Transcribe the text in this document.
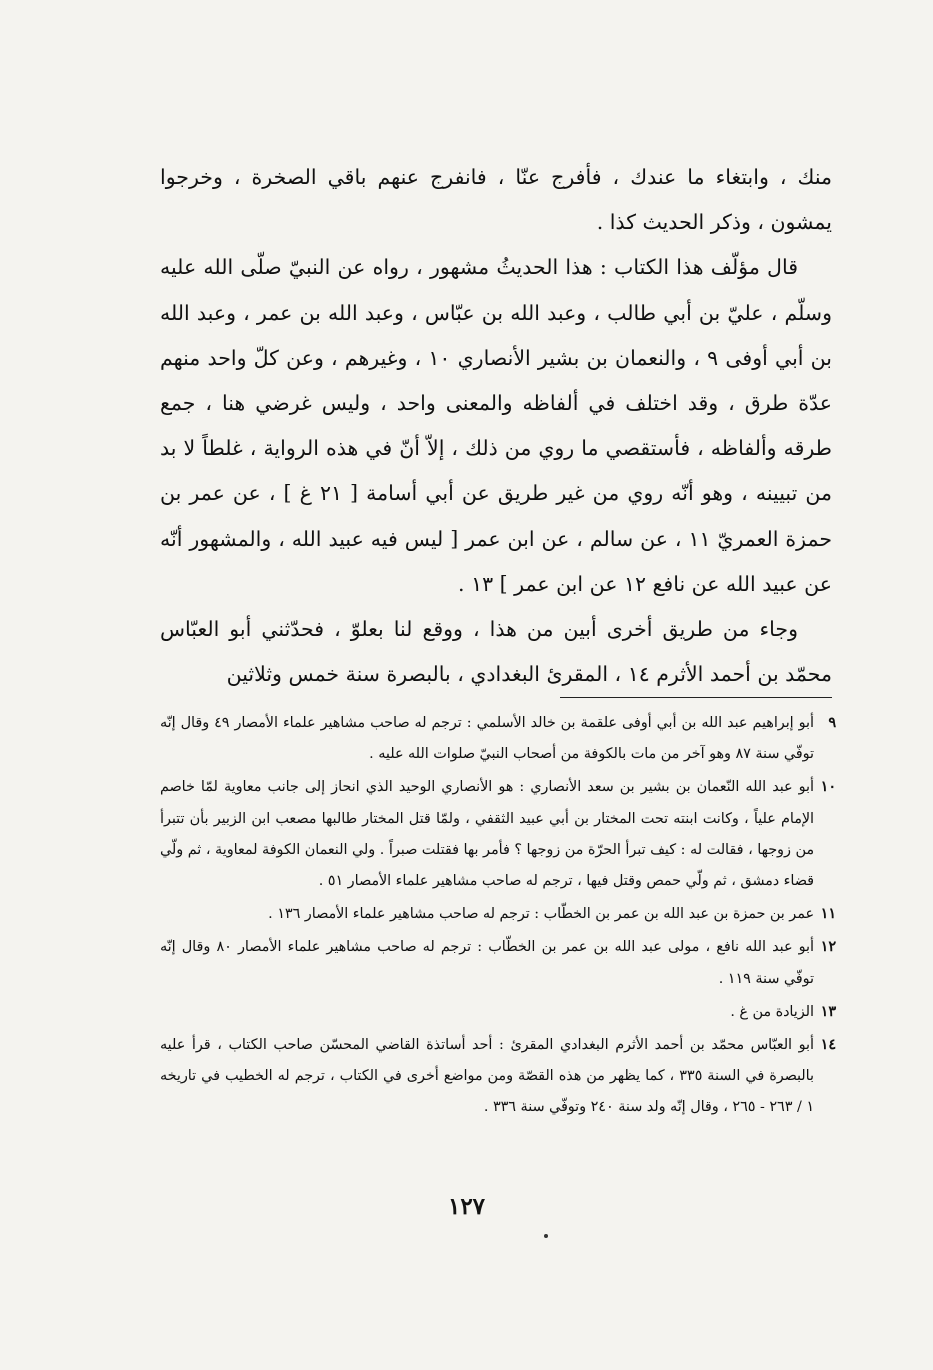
منك ، وابتغاء ما عندك ، فأفرج عنّا ، فانفرج عنهم باقي الصخرة ، وخرجوا يمشون ، وذكر الحديث كذا .

قال مؤلّف هذا الكتاب : هذا الحديثُ مشهور ، رواه عن النبيّ صلّى الله عليه وسلّم ، عليّ بن أبي طالب ، وعبد الله بن عبّاس ، وعبد الله بن عمر ، وعبد الله بن أبي أوفى ٩ ، والنعمان بن بشير الأنصاري ١٠ ، وغيرهم ، وعن كلّ واحد منهم عدّة طرق ، وقد اختلف في ألفاظه والمعنى واحد ، وليس غرضي هنا ، جمع طرقه وألفاظه ، فأستقصي ما روي من ذلك ، إلاّ أنّ في هذه الرواية ، غلطاً لا بد من تبيينه ، وهو أنّه روي من غير طريق عن أبي أسامة [ ٢١ غ ] ، عن عمر بن حمزة العمريّ ١١ ، عن سالم ، عن ابن عمر [ ليس فيه عبيد الله ، والمشهور أنّه عن عبيد الله عن نافع ١٢ عن ابن عمر ] ١٣ .

وجاء من طريق أخرى أبين من هذا ، ووقع لنا بعلوّ ، فحدّثني أبو العبّاس محمّد بن أحمد الأثرم ١٤ ، المقرئ البغدادي ، بالبصرة سنة خمس وثلاثين

٩
أبو إبراهيم عبد الله بن أبي أوفى علقمة بن خالد الأسلمي : ترجم له صاحب مشاهير علماء الأمصار ٤٩ وقال إنّه توفّي سنة ٨٧ وهو آخر من مات بالكوفة من أصحاب النبيّ صلوات الله عليه .
١٠
أبو عبد الله النّعمان بن بشير بن سعد الأنصاري : هو الأنصاري الوحيد الذي انحاز إلى جانب معاوية لمّا خاصم الإمام علياً ، وكانت ابنته تحت المختار بن أبي عبيد الثقفي ، ولمّا قتل المختار طالبها مصعب ابن الزبير بأن تتبرأ من زوجها ، فقالت له : كيف تبرأ الحرّة من زوجها ؟ فأمر بها فقتلت صبراً . ولي النعمان الكوفة لمعاوية ، ثم ولّي قضاء دمشق ، ثم ولّي حمص وقتل فيها ، ترجم له صاحب مشاهير علماء الأمصار ٥١ .
١١
عمر بن حمزة بن عبد الله بن عمر بن الخطّاب : ترجم له صاحب مشاهير علماء الأمصار ١٣٦ .
١٢
أبو عبد الله نافع ، مولى عبد الله بن عمر بن الخطّاب : ترجم له صاحب مشاهير علماء الأمصار ٨٠ وقال إنّه توفّي سنة ١١٩ .
١٣
الزيادة من غ .
١٤
أبو العبّاس محمّد بن أحمد الأثرم البغدادي المقرئ : أحد أساتذة القاضي المحسّن صاحب الكتاب ، قرأ عليه بالبصرة في السنة ٣٣٥ ، كما يظهر من هذه القصّة ومن مواضع أخرى في الكتاب ، ترجم له الخطيب في تاريخه ١ / ٢٦٣ - ٢٦٥ ، وقال إنّه ولد سنة ٢٤٠ وتوفّي سنة ٣٣٦ .
١٢٧
